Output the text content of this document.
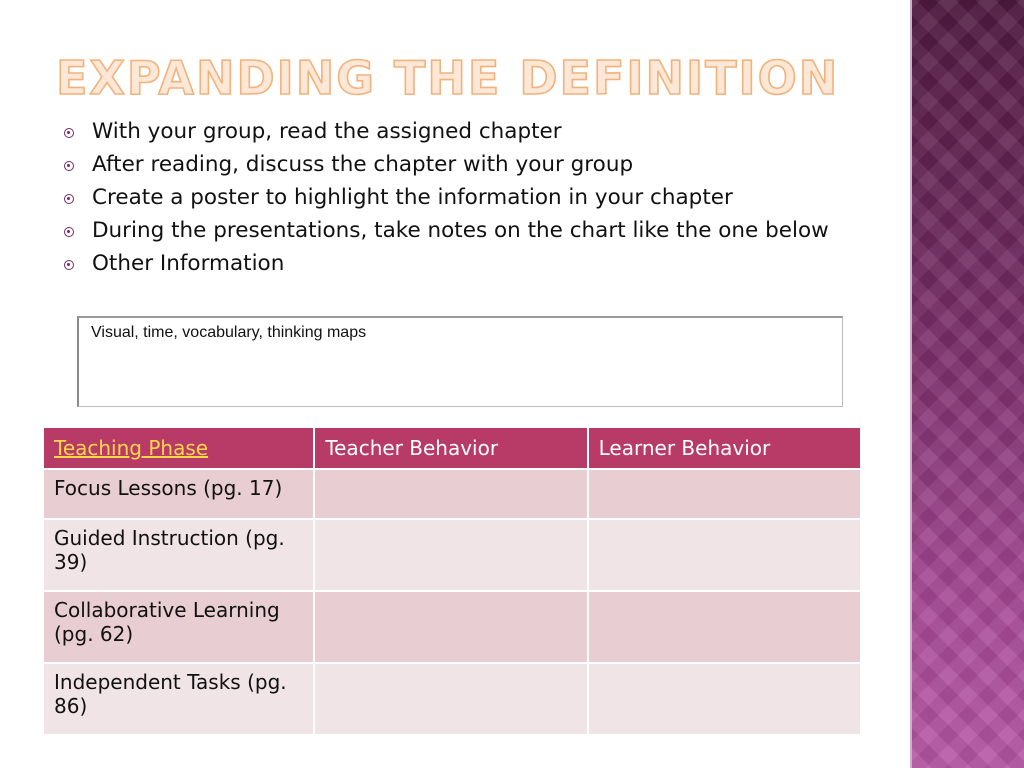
EXPANDING THE DEFINITION
With your group, read the assigned chapter
After reading, discuss the chapter with your group
Create a poster to highlight the information in your chapter
During the presentations, take notes on the chart like the one below
Other Information
Visual, time, vocabulary, thinking maps
Teaching Phase	Teacher Behavior	Learner Behavior
Focus Lessons (pg. 17)		
Guided Instruction (pg. 39)		
Collaborative Learning (pg. 62)		
Independent Tasks (pg. 86)		
